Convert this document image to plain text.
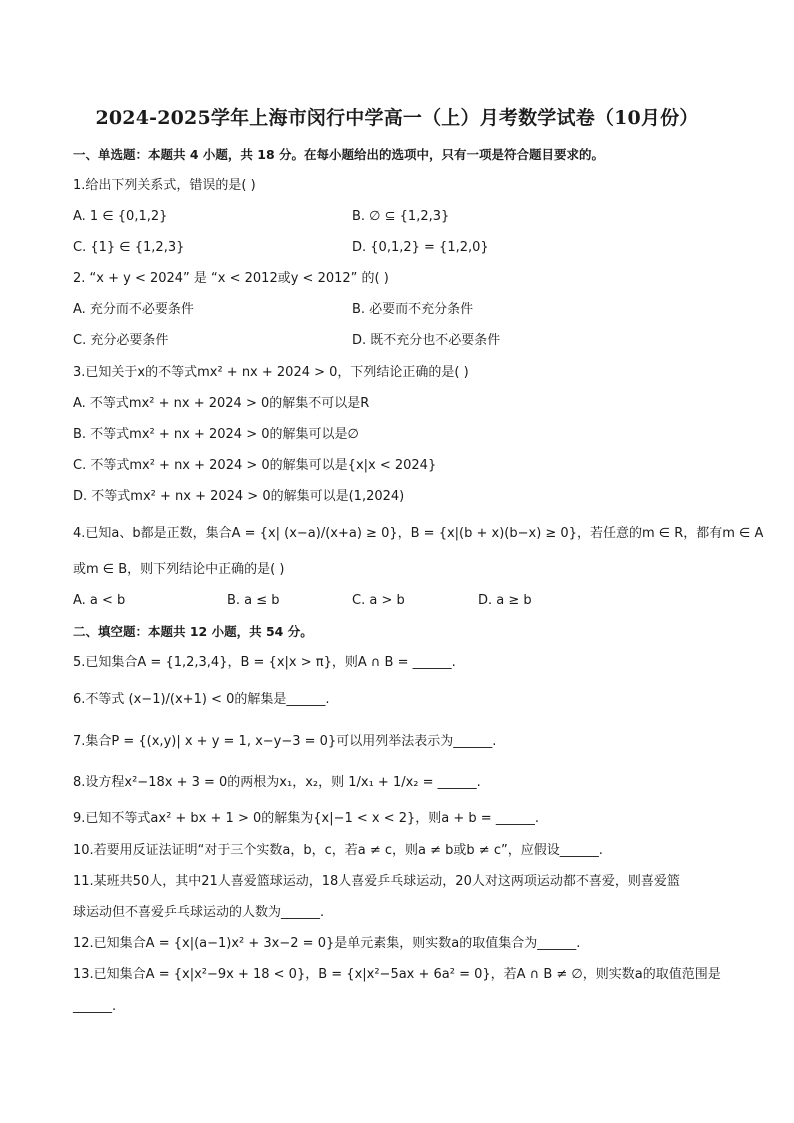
2024-2025学年上海市闵行中学高一（上）月考数学试卷（10月份）
一、单选题：本题共 4 小题，共 18 分。在每小题给出的选项中，只有一项是符合题目要求的。
1.给出下列关系式，错误的是( )
A. 1 ∈ {0,1,2}	B. ∅ ⊆ {1,2,3}
C. {1} ∈ {1,2,3}	D. {0,1,2} = {1,2,0}
2. “x + y < 2024” 是 “x < 2012或y < 2012” 的( )
A. 充分而不必要条件	B. 必要而不充分条件
C. 充分必要条件	D. 既不充分也不必要条件
3.已知关于x的不等式mx² + nx + 2024 > 0，下列结论正确的是( )
A. 不等式mx² + nx + 2024 > 0的解集不可以是R
B. 不等式mx² + nx + 2024 > 0的解集可以是∅
C. 不等式mx² + nx + 2024 > 0的解集可以是{x|x < 2024}
D. 不等式mx² + nx + 2024 > 0的解集可以是(1,2024)
4.已知a、b都是正数，集合A = {x| (x−a)/(x+a) ≥ 0}，B = {x|(b + x)(b−x) ≥ 0}，若任意的m ∈ R，都有m ∈ A
或m ∈ B，则下列结论中正确的是( )
A. a < b	B. a ≤ b	C. a > b	D. a ≥ b
二、填空题：本题共 12 小题，共 54 分。
5.已知集合A = {1,2,3,4}，B = {x|x > π}，则A ∩ B = ______.
6.不等式 (x−1)/(x+1) < 0的解集是______.
7.集合P = {(x,y)| x + y = 1, x−y−3 = 0}可以用列举法表示为______.
8.设方程x²−18x + 3 = 0的两根为x₁，x₂，则 1/x₁ + 1/x₂ = ______.
9.已知不等式ax² + bx + 1 > 0的解集为{x|−1 < x < 2}，则a + b = ______.
10.若要用反证法证明“对于三个实数a，b，c，若a ≠ c，则a ≠ b或b ≠ c”，应假设______.
11.某班共50人，其中21人喜爱篮球运动，18人喜爱乒乓球运动，20人对这两项运动都不喜爱，则喜爱篮
球运动但不喜爱乒乓球运动的人数为______.
12.已知集合A = {x|(a−1)x² + 3x−2 = 0}是单元素集，则实数a的取值集合为______.
13.已知集合A = {x|x²−9x + 18 < 0}，B = {x|x²−5ax + 6a² = 0}，若A ∩ B ≠ ∅，则实数a的取值范围是
______.
